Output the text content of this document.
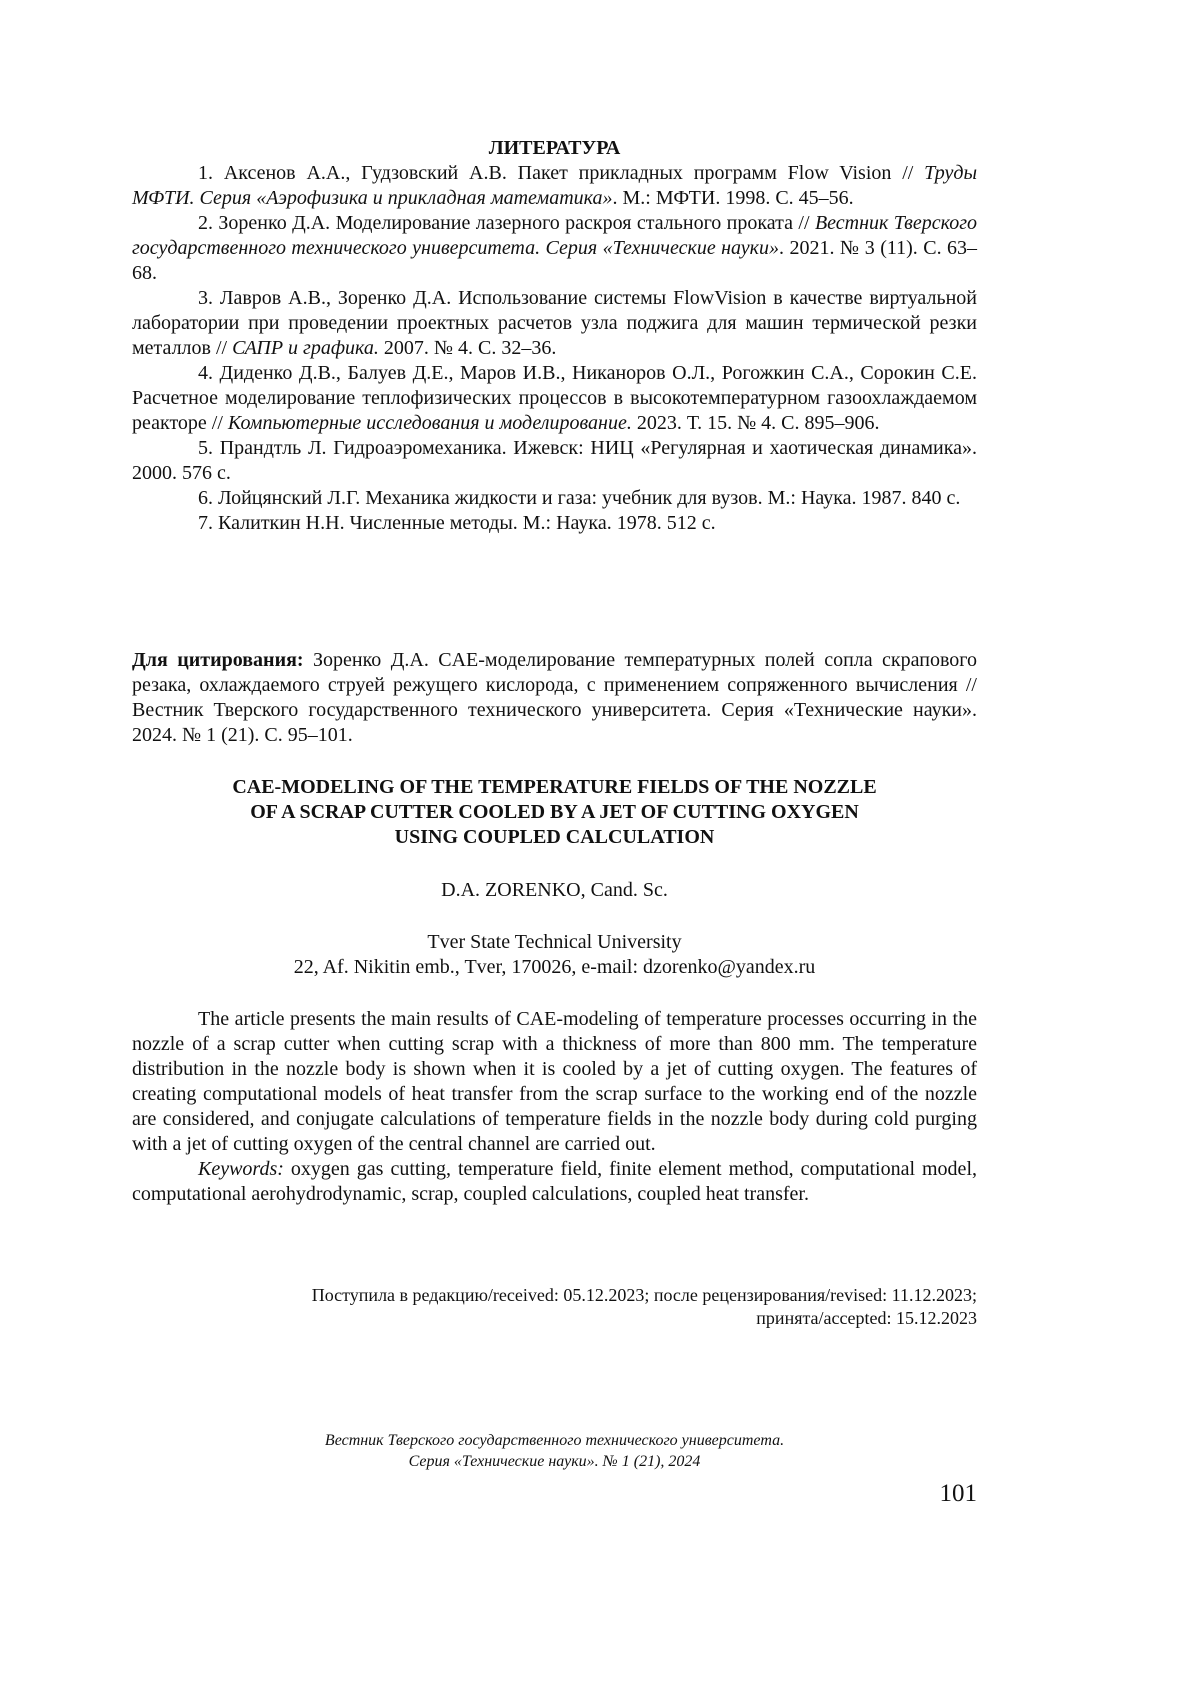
ЛИТЕРАТУРА

1. Аксенов А.А., Гудзовский А.В. Пакет прикладных программ Flow Vision // Труды МФТИ. Серия «Аэрофизика и прикладная математика». М.: МФТИ. 1998. С. 45–56.

2. Зоренко Д.А. Моделирование лазерного раскроя стального проката // Вестник Тверского государственного технического университета. Серия «Технические науки». 2021. № 3 (11). С. 63–68.

3. Лавров А.В., Зоренко Д.А. Использование системы FlowVision в качестве виртуальной лаборатории при проведении проектных расчетов узла поджига для машин термической резки металлов // САПР и графика. 2007. № 4. С. 32–36.

4. Диденко Д.В., Балуев Д.Е., Маров И.В., Никаноров О.Л., Рогожкин С.А., Сорокин С.Е. Расчетное моделирование теплофизических процессов в высокотемпературном газоохлаждаемом реакторе // Компьютерные исследования и моделирование. 2023. Т. 15. № 4. С. 895–906.

5. Прандтль Л. Гидроаэромеханика. Ижевск: НИЦ «Регулярная и хаотическая динамика». 2000. 576 с.

6. Лойцянский Л.Г. Механика жидкости и газа: учебник для вузов. М.: Наука. 1987. 840 с.

7. Калиткин Н.Н. Численные методы. М.: Наука. 1978. 512 с.

Для цитирования: Зоренко Д.А. CAE-моделирование температурных полей сопла скрапового резака, охлаждаемого струей режущего кислорода, с применением сопряженного вычисления // Вестник Тверского государственного технического университета. Серия «Технические науки». 2024. № 1 (21). С. 95–101.

CAE-MODELING OF THE TEMPERATURE FIELDS OF THE NOZZLE
OF A SCRAP CUTTER COOLED BY A JET OF CUTTING OXYGEN
USING COUPLED CALCULATION
D.A. ZORENKO, Cand. Sc.
Tver State Technical University
22, Af. Nikitin emb., Tver, 170026, e-mail: dzorenko@yandex.ru

The article presents the main results of CAE-modeling of temperature processes occurring in the nozzle of a scrap cutter when cutting scrap with a thickness of more than 800 mm. The temperature distribution in the nozzle body is shown when it is cooled by a jet of cutting oxygen. The features of creating computational models of heat transfer from the scrap surface to the working end of the nozzle are considered, and conjugate calculations of temperature fields in the nozzle body during cold purging with a jet of cutting oxygen of the central channel are carried out.

Keywords: oxygen gas cutting, temperature field, finite element method, computational model, computational aerohydrodynamic, scrap, coupled calculations, coupled heat transfer.

Поступила в редакцию/received: 05.12.2023; после рецензирования/revised: 11.12.2023;
принята/accepted: 15.12.2023
Вестник Тверского государственного технического университета.
Серия «Технические науки». № 1 (21), 2024
101
